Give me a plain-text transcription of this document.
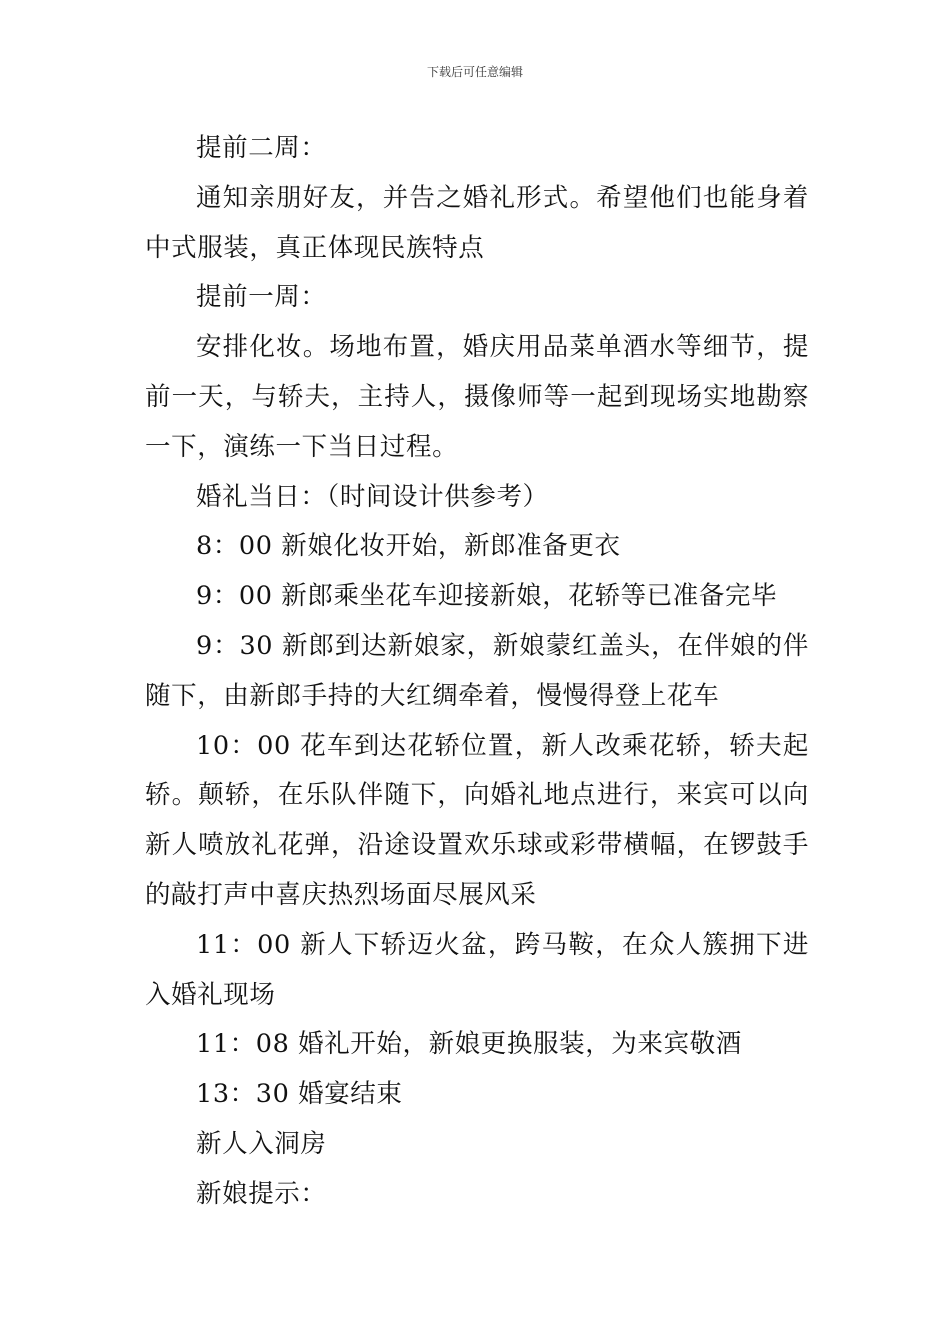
下载后可任意编辑

提前二周：

通知亲朋好友，并告之婚礼形式。希望他们也能身着中式服装，真正体现民族特点

提前一周：

安排化妆。场地布置，婚庆用品菜单酒水等细节，提前一天，与轿夫，主持人，摄像师等一起到现场实地勘察一下，演练一下当日过程。

婚礼当日：（时间设计供参考）

8：00 新娘化妆开始，新郎准备更衣

9：00 新郎乘坐花车迎接新娘，花轿等已准备完毕

9：30 新郎到达新娘家，新娘蒙红盖头，在伴娘的伴随下，由新郎手持的大红绸牵着，慢慢得登上花车

10：00 花车到达花轿位置，新人改乘花轿，轿夫起轿。颠轿，在乐队伴随下，向婚礼地点进行，来宾可以向新人喷放礼花弹，沿途设置欢乐球或彩带横幅，在锣鼓手的敲打声中喜庆热烈场面尽展风采

11：00 新人下轿迈火盆，跨马鞍，在众人簇拥下进入婚礼现场

11：08 婚礼开始，新娘更换服装，为来宾敬酒

13：30 婚宴结束

新人入洞房

新娘提示：
